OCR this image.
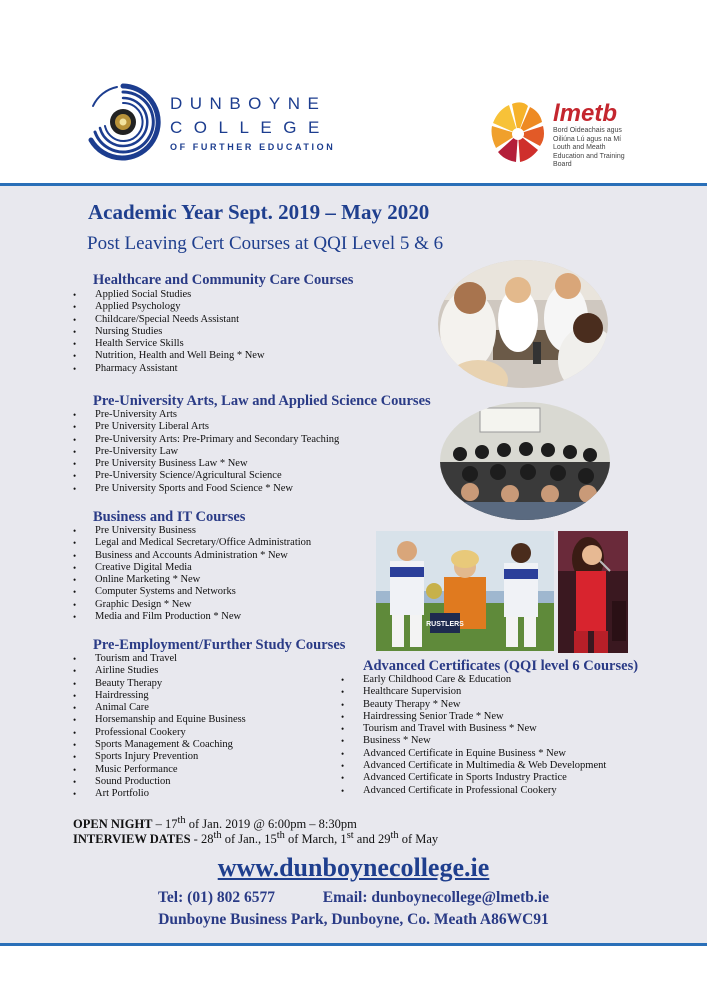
DUNBOYNE
COLLEGE
OF FURTHER EDUCATION
lmetb
Bord Oideachais agus Oiliúna Lú agus na Mí
Louth and Meath Education and Training Board
Academic Year Sept. 2019 – May 2020
Post Leaving Cert Courses at QQI Level 5 & 6
Healthcare and Community Care Courses
• Applied Social Studies
• Applied Psychology
• Childcare/Special Needs Assistant
• Nursing Studies
• Health Service Skills
• Nutrition, Health and Well Being * New
• Pharmacy Assistant
Pre-University Arts, Law and Applied Science Courses
• Pre-University Arts
• Pre University Liberal Arts
• Pre-University Arts: Pre-Primary and Secondary Teaching
• Pre-University Law
• Pre University Business Law * New
• Pre-University Science/Agricultural Science
• Pre University Sports and Food Science * New
Business and IT Courses
• Pre University Business
• Legal and Medical Secretary/Office Administration
• Business and Accounts Administration * New
• Creative Digital Media
• Online Marketing * New
• Computer Systems and Networks
• Graphic Design * New
• Media and Film Production * New
RUSTLERS
Pre-Employment/Further Study Courses
• Tourism and Travel
• Airline Studies
• Beauty Therapy
• Hairdressing
• Animal Care
• Horsemanship and Equine Business
• Professional Cookery
• Sports Management & Coaching
• Sports Injury Prevention
• Music Performance
• Sound Production
• Art Portfolio
Advanced Certificates (QQI level 6 Courses)
• Early Childhood Care & Education
• Healthcare Supervision
• Beauty Therapy * New
• Hairdressing Senior Trade * New
• Tourism and Travel with Business * New
• Business * New
• Advanced Certificate in Equine Business * New
• Advanced Certificate in Multimedia & Web Development
• Advanced Certificate in Sports Industry Practice
• Advanced Certificate in Professional Cookery
OPEN NIGHT – 17th of Jan. 2019 @ 6:00pm – 8:30pm
INTERVIEW DATES - 28th of Jan., 15th of March, 1st and 29th of May
www.dunboynecollege.ie
Tel: (01) 802 6577	Email: dunboynecollege@lmetb.ie
Dunboyne Business Park, Dunboyne, Co. Meath A86WC91
